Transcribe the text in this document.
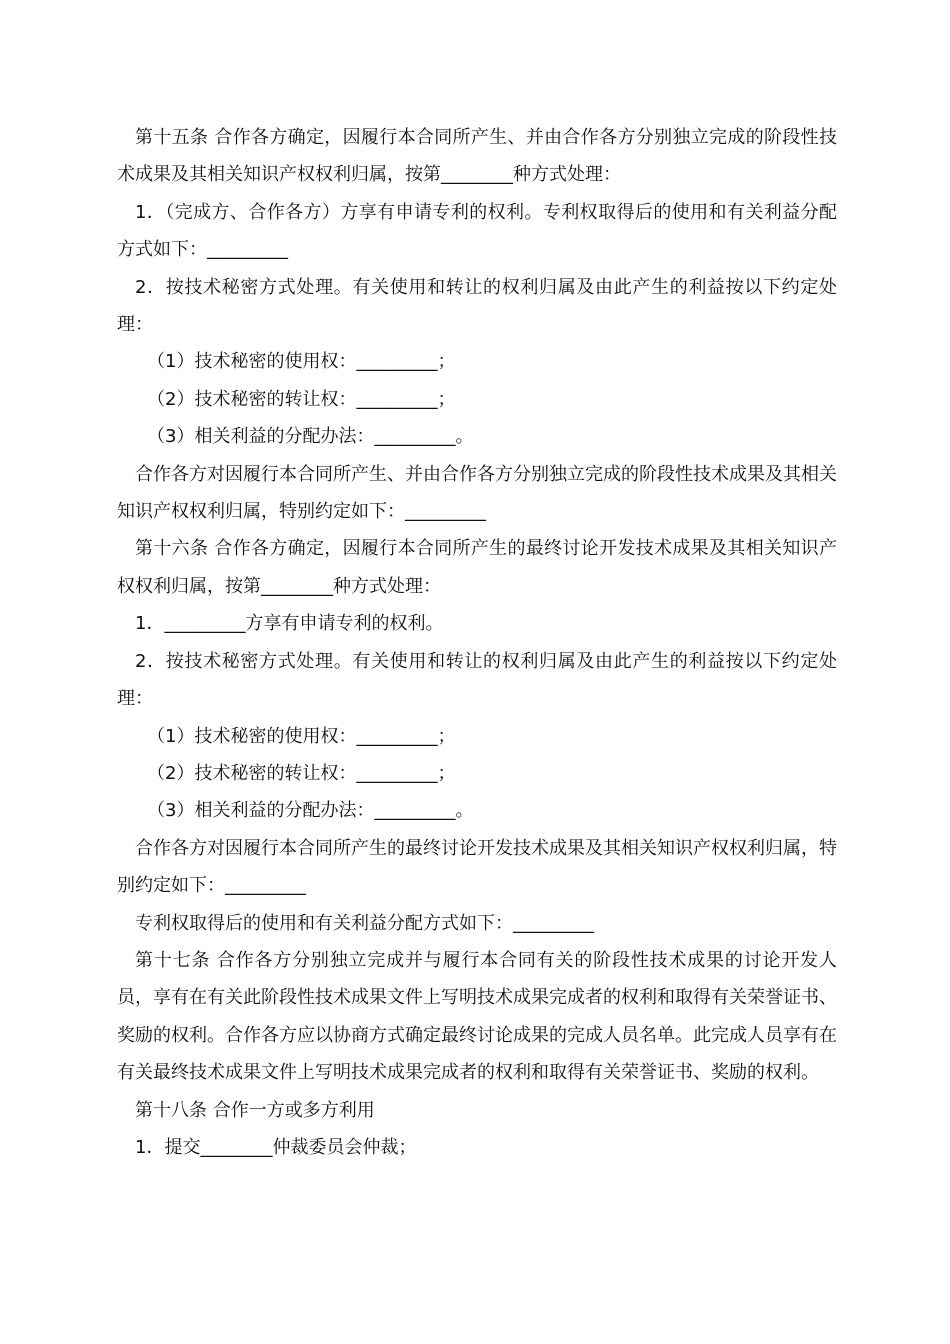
第十五条 合作各方确定，因履行本合同所产生、并由合作各方分别独立完成的阶段性技术成果及其相关知识产权权利归属，按第________种方式处理：

1．（完成方、合作各方）方享有申请专利的权利。专利权取得后的使用和有关利益分配方式如下：_________

2．按技术秘密方式处理。有关使用和转让的权利归属及由此产生的利益按以下约定处理：

（1）技术秘密的使用权：_________；

（2）技术秘密的转让权：_________；

（3）相关利益的分配办法：_________。

合作各方对因履行本合同所产生、并由合作各方分别独立完成的阶段性技术成果及其相关知识产权权利归属，特别约定如下：_________

第十六条 合作各方确定，因履行本合同所产生的最终讨论开发技术成果及其相关知识产权权利归属，按第________种方式处理：

1．_________方享有申请专利的权利。

2．按技术秘密方式处理。有关使用和转让的权利归属及由此产生的利益按以下约定处理：

（1）技术秘密的使用权：_________；

（2）技术秘密的转让权：_________；

（3）相关利益的分配办法：_________。

合作各方对因履行本合同所产生的最终讨论开发技术成果及其相关知识产权权利归属，特别约定如下：_________

专利权取得后的使用和有关利益分配方式如下：_________

第十七条 合作各方分别独立完成并与履行本合同有关的阶段性技术成果的讨论开发人员，享有在有关此阶段性技术成果文件上写明技术成果完成者的权利和取得有关荣誉证书、奖励的权利。合作各方应以协商方式确定最终讨论成果的完成人员名单。此完成人员享有在有关最终技术成果文件上写明技术成果完成者的权利和取得有关荣誉证书、奖励的权利。

第十八条 合作一方或多方利用

1．提交________仲裁委员会仲裁；
